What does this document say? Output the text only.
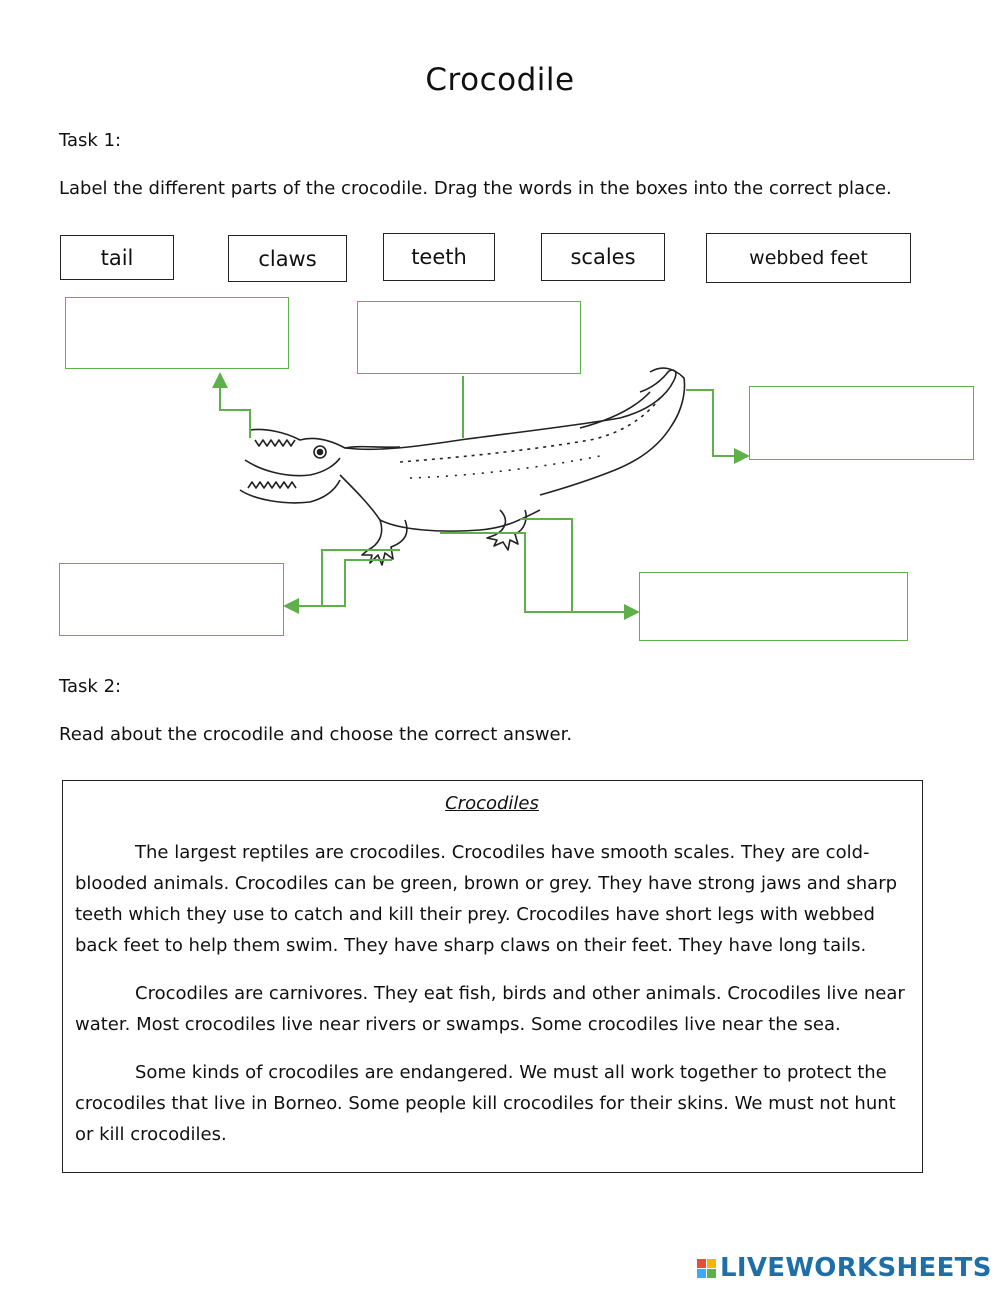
Crocodile
Task 1:
Label the different parts of the crocodile. Drag the words in the boxes into the correct place.
tail	claws	teeth	scales	webbed feet
Task 2:
Read about the crocodile and choose the correct answer.
Crocodiles

The largest reptiles are crocodiles. Crocodiles have smooth scales. They are cold-blooded animals. Crocodiles can be green, brown or grey. They have strong jaws and sharp teeth which they use to catch and kill their prey. Crocodiles have short legs with webbed back feet to help them swim. They have sharp claws on their feet. They have long tails.

Crocodiles are carnivores. They eat fish, birds and other animals. Crocodiles live near water. Most crocodiles live near rivers or swamps. Some crocodiles live near the sea.

Some kinds of crocodiles are endangered. We must all work together to protect the crocodiles that live in Borneo. Some people kill crocodiles for their skins. We must not hunt or kill crocodiles.

LIVEWORKSHEETS
